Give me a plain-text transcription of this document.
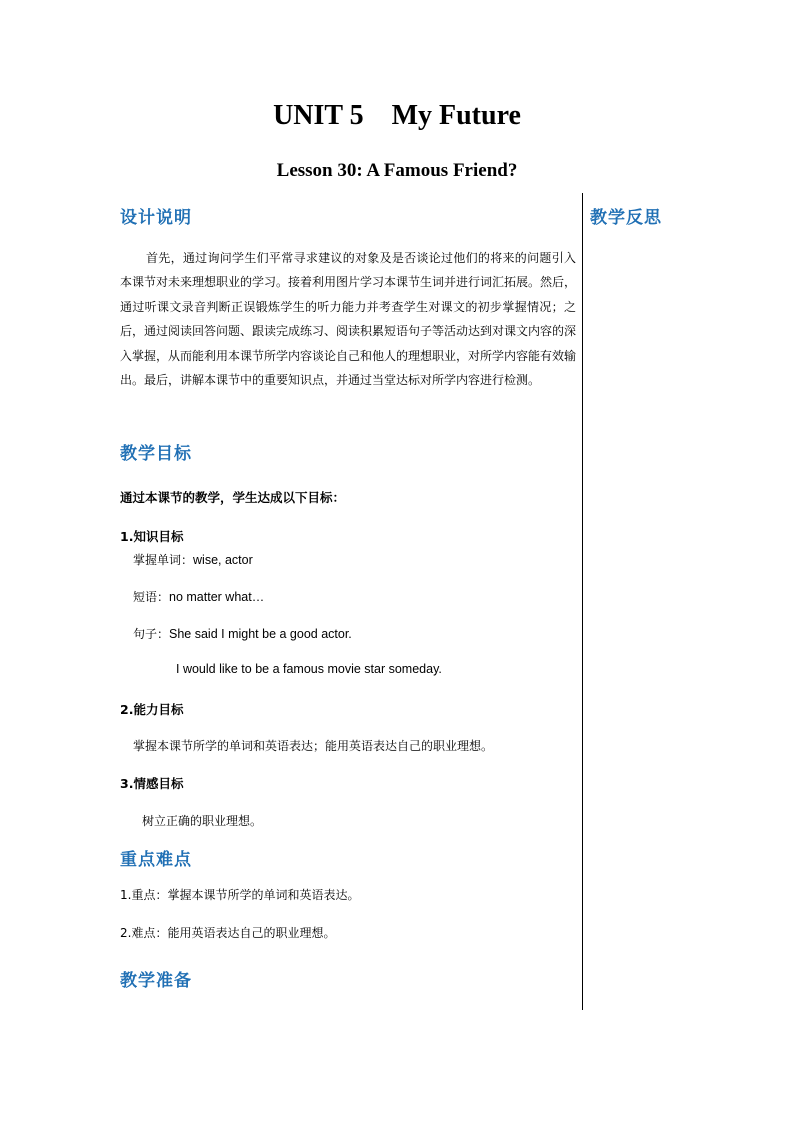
UNIT 5    My Future
Lesson 30: A Famous Friend?
教学反思
设计说明
首先，通过询问学生们平常寻求建议的对象及是否谈论过他们的将来的问题引入本课节对未来理想职业的学习。接着利用图片学习本课节生词并进行词汇拓展。然后，通过听课文录音判断正误锻炼学生的听力能力并考查学生对课文的初步掌握情况；之后，通过阅读回答问题、跟读完成练习、阅读积累短语句子等活动达到对课文内容的深入掌握，从而能利用本课节所学内容谈论自己和他人的理想职业，对所学内容能有效输出。最后，讲解本课节中的重要知识点，并通过当堂达标对所学内容进行检测。
教学目标
通过本课节的教学，学生达成以下目标：
1.知识目标
掌握单词：wise, actor
短语：no matter what…
句子：She said I might be a good actor.
I would like to be a famous movie star someday.
2.能力目标
掌握本课节所学的单词和英语表达；能用英语表达自己的职业理想。
3.情感目标
树立正确的职业理想。
重点难点
1.重点：掌握本课节所学的单词和英语表达。
2.难点：能用英语表达自己的职业理想。
教学准备
